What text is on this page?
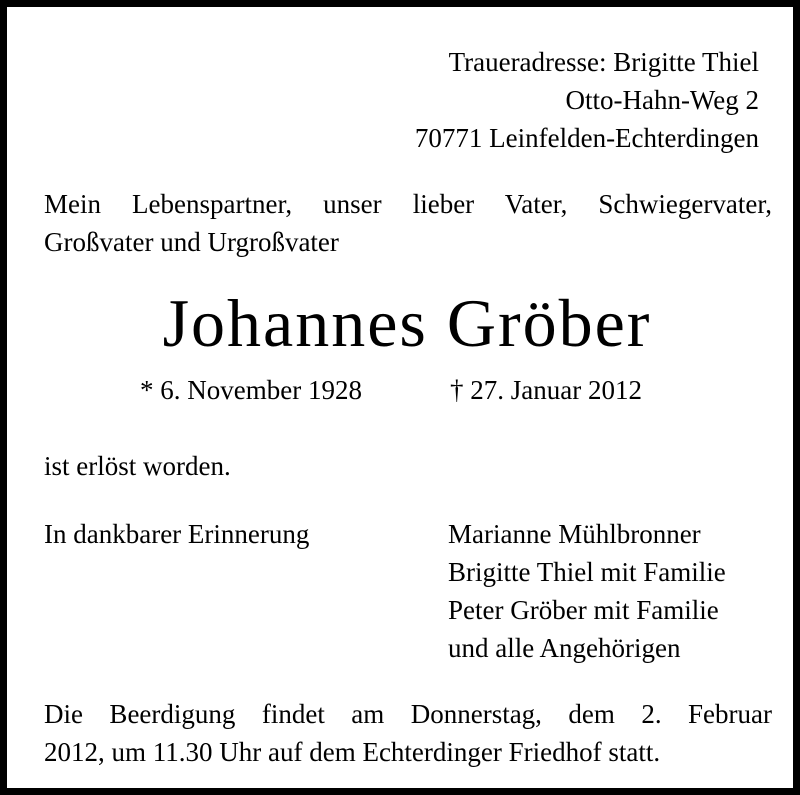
Traueradresse: Brigitte Thiel
Otto-Hahn-Weg 2
70771 Leinfelden-Echterdingen
Mein Lebenspartner, unser lieber Vater, Schwiegervater,
Großvater und Urgroßvater
Johannes Gröber
* 6. November 1928	† 27. Januar 2012
ist erlöst worden.
In dankbarer Erinnerung	Marianne Mühlbronner
Brigitte Thiel mit Familie
Peter Gröber mit Familie
und alle Angehörigen
Die Beerdigung findet am Donnerstag, dem 2. Februar
2012, um 11.30 Uhr auf dem Echterdinger Friedhof statt.
